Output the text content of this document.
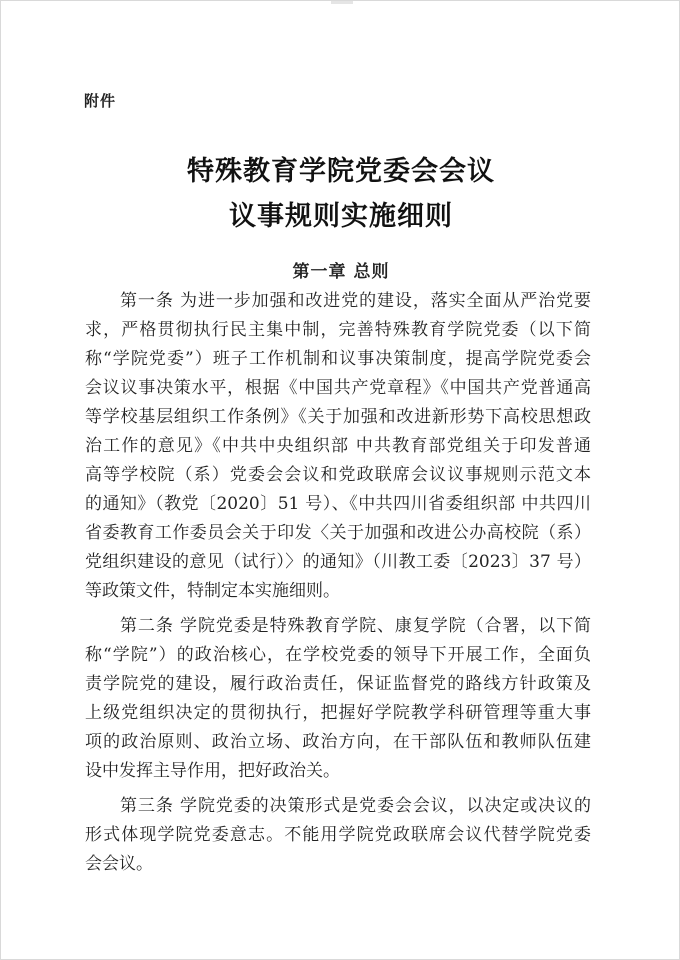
附件
特殊教育学院党委会会议
议事规则实施细则
第一章 总则
第一条 为进一步加强和改进党的建设，落实全面从严治党要
求，严格贯彻执行民主集中制，完善特殊教育学院党委（以下简
称“学院党委”）班子工作机制和议事决策制度，提高学院党委会
会议议事决策水平，根据《中国共产党章程》《中国共产党普通高
等学校基层组织工作条例》《关于加强和改进新形势下高校思想政
治工作的意见》《中共中央组织部 中共教育部党组关于印发普通
高等学校院（系）党委会会议和党政联席会议议事规则示范文本
的通知》（教党〔2020〕51 号）、《中共四川省委组织部 中共四川
省委教育工作委员会关于印发〈关于加强和改进公办高校院（系）
党组织建设的意见（试行）〉的通知》（川教工委〔2023〕37 号）
等政策文件，特制定本实施细则。
第二条 学院党委是特殊教育学院、康复学院（合署，以下简
称“学院”）的政治核心，在学校党委的领导下开展工作，全面负
责学院党的建设，履行政治责任，保证监督党的路线方针政策及
上级党组织决定的贯彻执行，把握好学院教学科研管理等重大事
项的政治原则、政治立场、政治方向，在干部队伍和教师队伍建
设中发挥主导作用，把好政治关。
第三条 学院党委的决策形式是党委会会议，以决定或决议的
形式体现学院党委意志。不能用学院党政联席会议代替学院党委
会会议。
